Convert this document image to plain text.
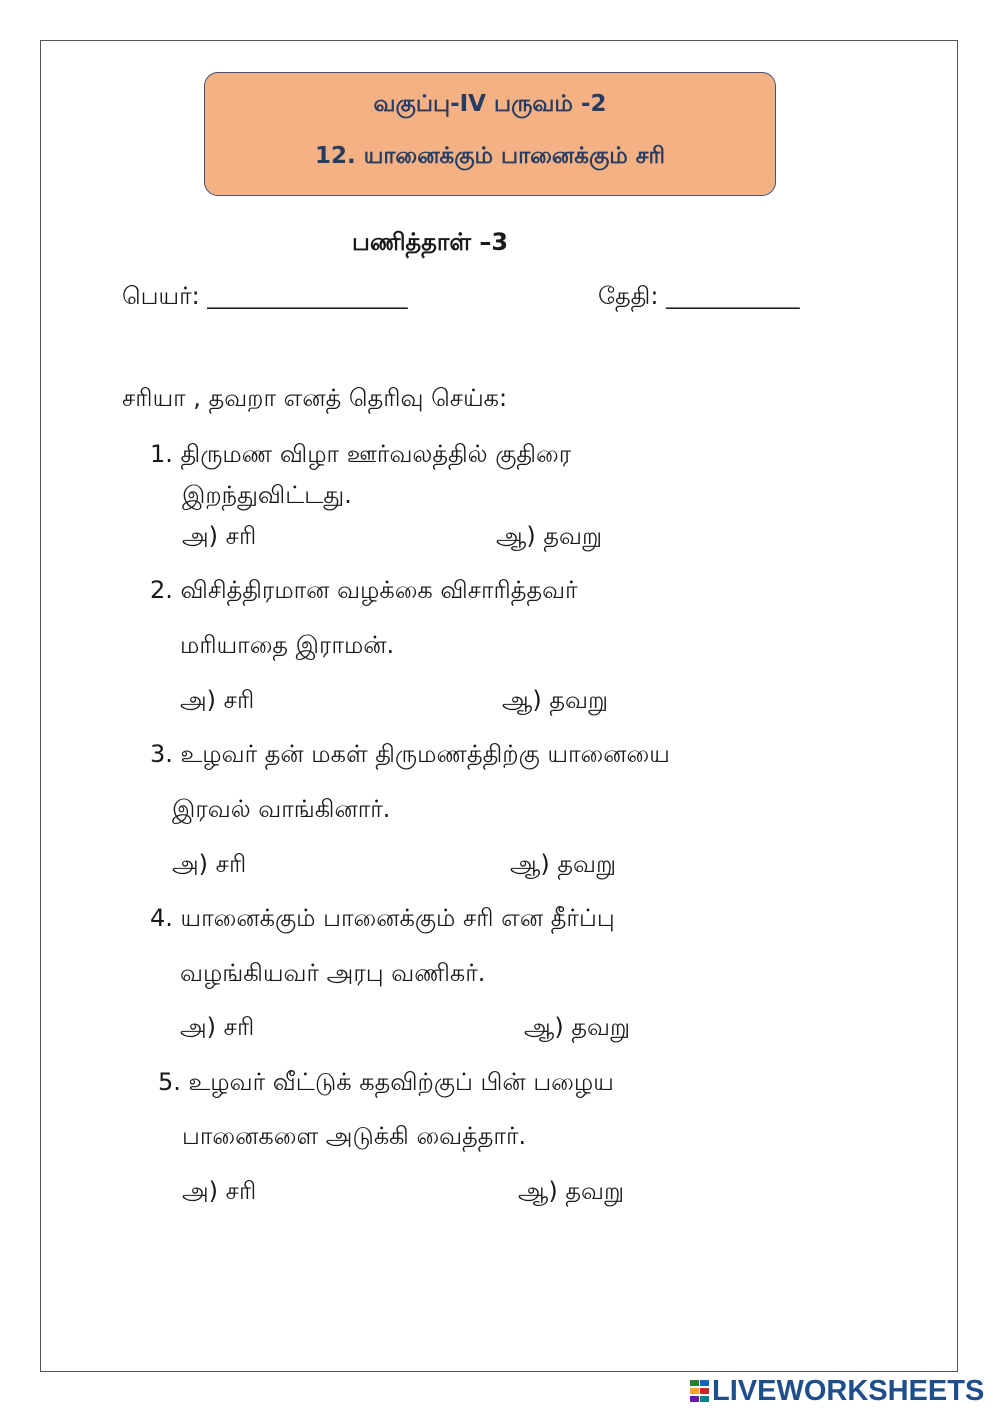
வகுப்பு-IV பருவம் -2
12. யானைக்கும் பானைக்கும் சரி
பணித்தாள் –3
பெயர்: _______________	தேதி: __________
சரியா , தவறா எனத் தெரிவு செய்க:
1. திருமண விழா ஊர்வலத்தில் குதிரை
இறந்துவிட்டது.
அ) சரி	ஆ) தவறு
2. விசித்திரமான வழக்கை விசாரித்தவர்
மரியாதை இராமன்.
அ) சரி	ஆ) தவறு
3. உழவர் தன் மகள் திருமணத்திற்கு யானையை
இரவல் வாங்கினார்.
அ) சரி	ஆ) தவறு
4. யானைக்கும் பானைக்கும் சரி என தீர்ப்பு
வழங்கியவர் அரபு வணிகர்.
அ) சரி	ஆ) தவறு
5. உழவர் வீட்டுக் கதவிற்குப் பின் பழைய
பானைகளை அடுக்கி வைத்தார்.
அ) சரி	ஆ) தவறு
LIVEWORKSHEETS
